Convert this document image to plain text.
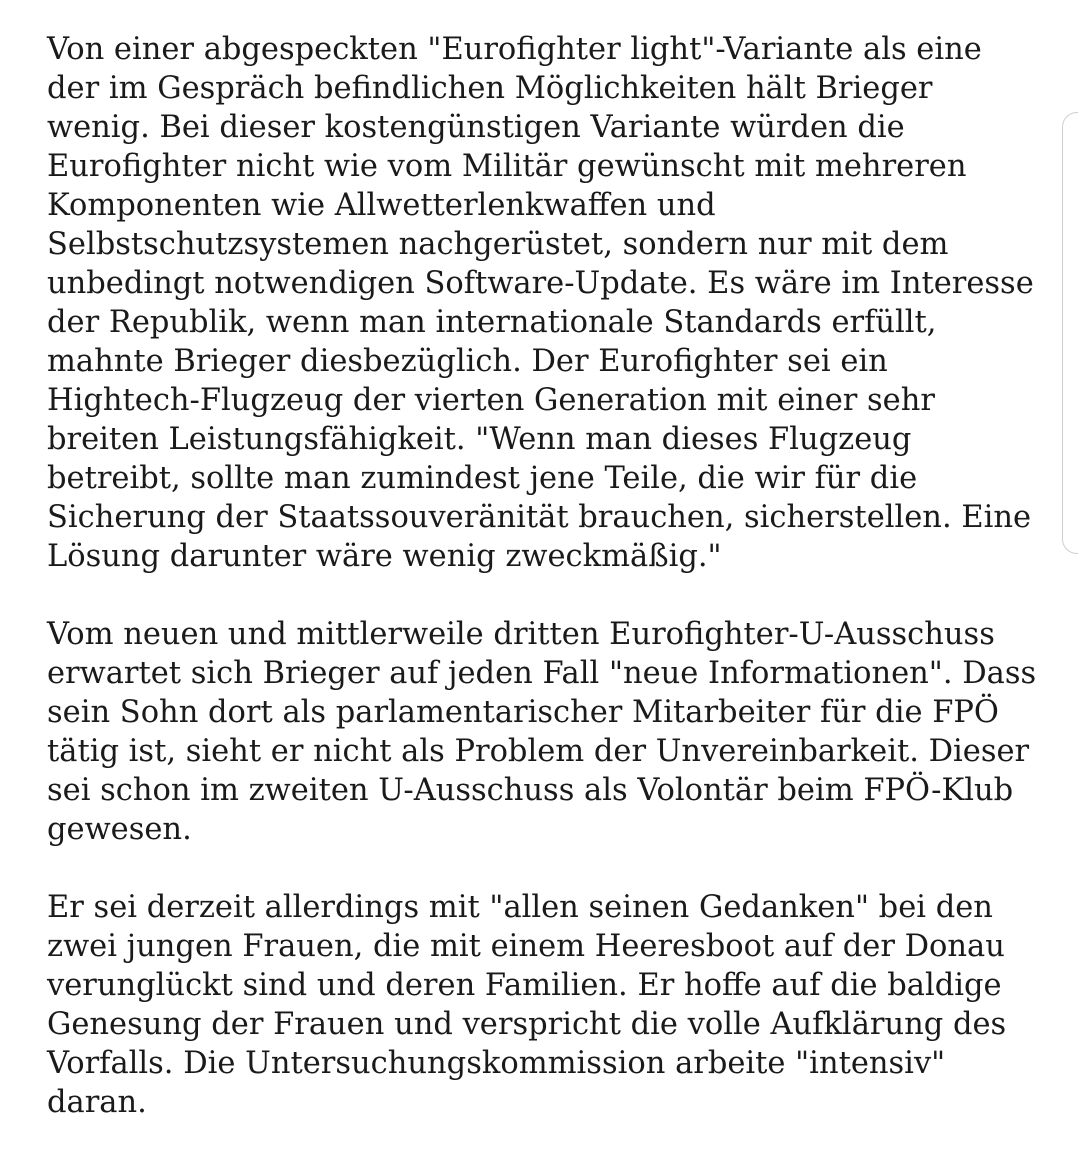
Von einer abgespeckten "Eurofighter light"-Variante als eine
der im Gespräch befindlichen Möglichkeiten hält Brieger
wenig. Bei dieser kostengünstigen Variante würden die
Eurofighter nicht wie vom Militär gewünscht mit mehreren
Komponenten wie Allwetterlenkwaffen und
Selbstschutzsystemen nachgerüstet, sondern nur mit dem
unbedingt notwendigen Software-Update. Es wäre im Interesse
der Republik, wenn man internationale Standards erfüllt,
mahnte Brieger diesbezüglich. Der Eurofighter sei ein
Hightech-Flugzeug der vierten Generation mit einer sehr
breiten Leistungsfähigkeit. "Wenn man dieses Flugzeug
betreibt, sollte man zumindest jene Teile, die wir für die
Sicherung der Staatssouveränität brauchen, sicherstellen. Eine
Lösung darunter wäre wenig zweckmäßig."

Vom neuen und mittlerweile dritten Eurofighter-U-Ausschuss
erwartet sich Brieger auf jeden Fall "neue Informationen". Dass
sein Sohn dort als parlamentarischer Mitarbeiter für die FPÖ
tätig ist, sieht er nicht als Problem der Unvereinbarkeit. Dieser
sei schon im zweiten U-Ausschuss als Volontär beim FPÖ-Klub
gewesen.

Er sei derzeit allerdings mit "allen seinen Gedanken" bei den
zwei jungen Frauen, die mit einem Heeresboot auf der Donau
verunglückt sind und deren Familien. Er hoffe auf die baldige
Genesung der Frauen und verspricht die volle Aufklärung des
Vorfalls. Die Untersuchungskommission arbeite "intensiv"
daran.
